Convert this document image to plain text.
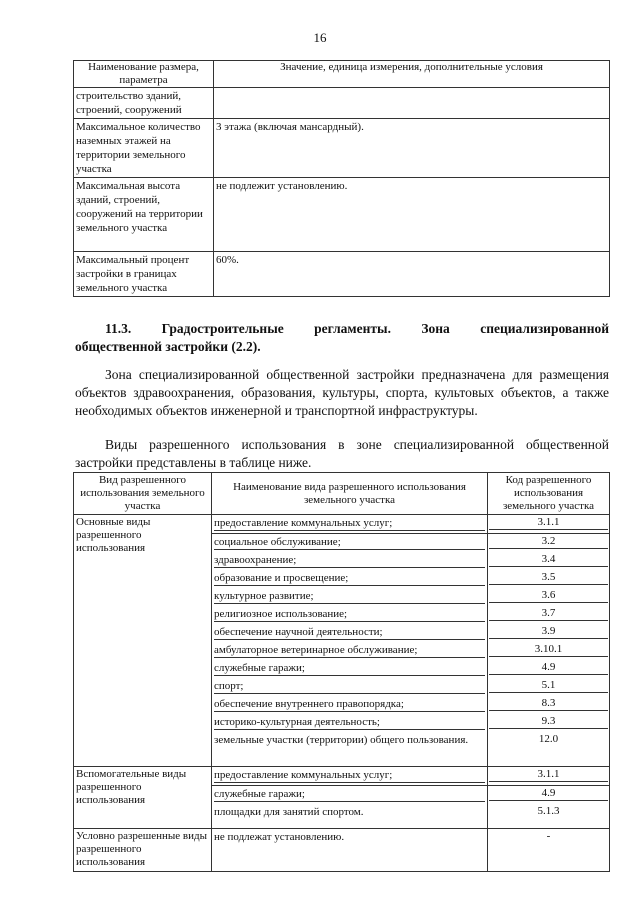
16
Наименование размера, параметра	Значение, единица измерения, дополнительные условия
строительство зданий, строений, сооружений	
Максимальное количество наземных этажей на территории земельного участка	3 этажа (включая мансардный).
Максимальная высота зданий, строений, сооружений на территории земельного участка	не подлежит установлению.
Максимальный процент застройки в границах земельного участка	60%.
11.3. Градостроительные регламенты. Зона специализированной
общественной застройки (2.2).
Зона специализированной общественной застройки предназначена для размещения объектов здравоохранения, образования, культуры, спорта, культовых объектов, а также необходимых объектов инженерной и транспортной инфраструктуры.
Виды разрешенного использования в зоне специализированной общественной застройки представлены в таблице ниже.
Вид разрешенного использования земельного участка	Наименование вида разрешенного использования земельного участка	Код разрешенного использования земельного участка
Основные виды разрешенного использования	предоставление коммунальных услуг;	3.1.1

	социальное обслуживание;	3.2

	здравоохранение;	3.4

	образование и просвещение;	3.5

	культурное развитие;	3.6

	религиозное использование;	3.7

	обеспечение научной деятельности;	3.9

	амбулаторное ветеринарное обслуживание;	3.10.1

	служебные гаражи;	4.9

	спорт;	5.1

	обеспечение внутреннего правопорядка;	8.3

	историко-культурная деятельность;	9.3

	земельные участки (территории) общего пользования.	12.0

Вспомогательные виды разрешенного использования	предоставление коммунальных услуг;	3.1.1

	служебные гаражи;	4.9

	площадки для занятий спортом.	5.1.3

Условно разрешенные виды разрешенного использования	не подлежат установлению.	-
